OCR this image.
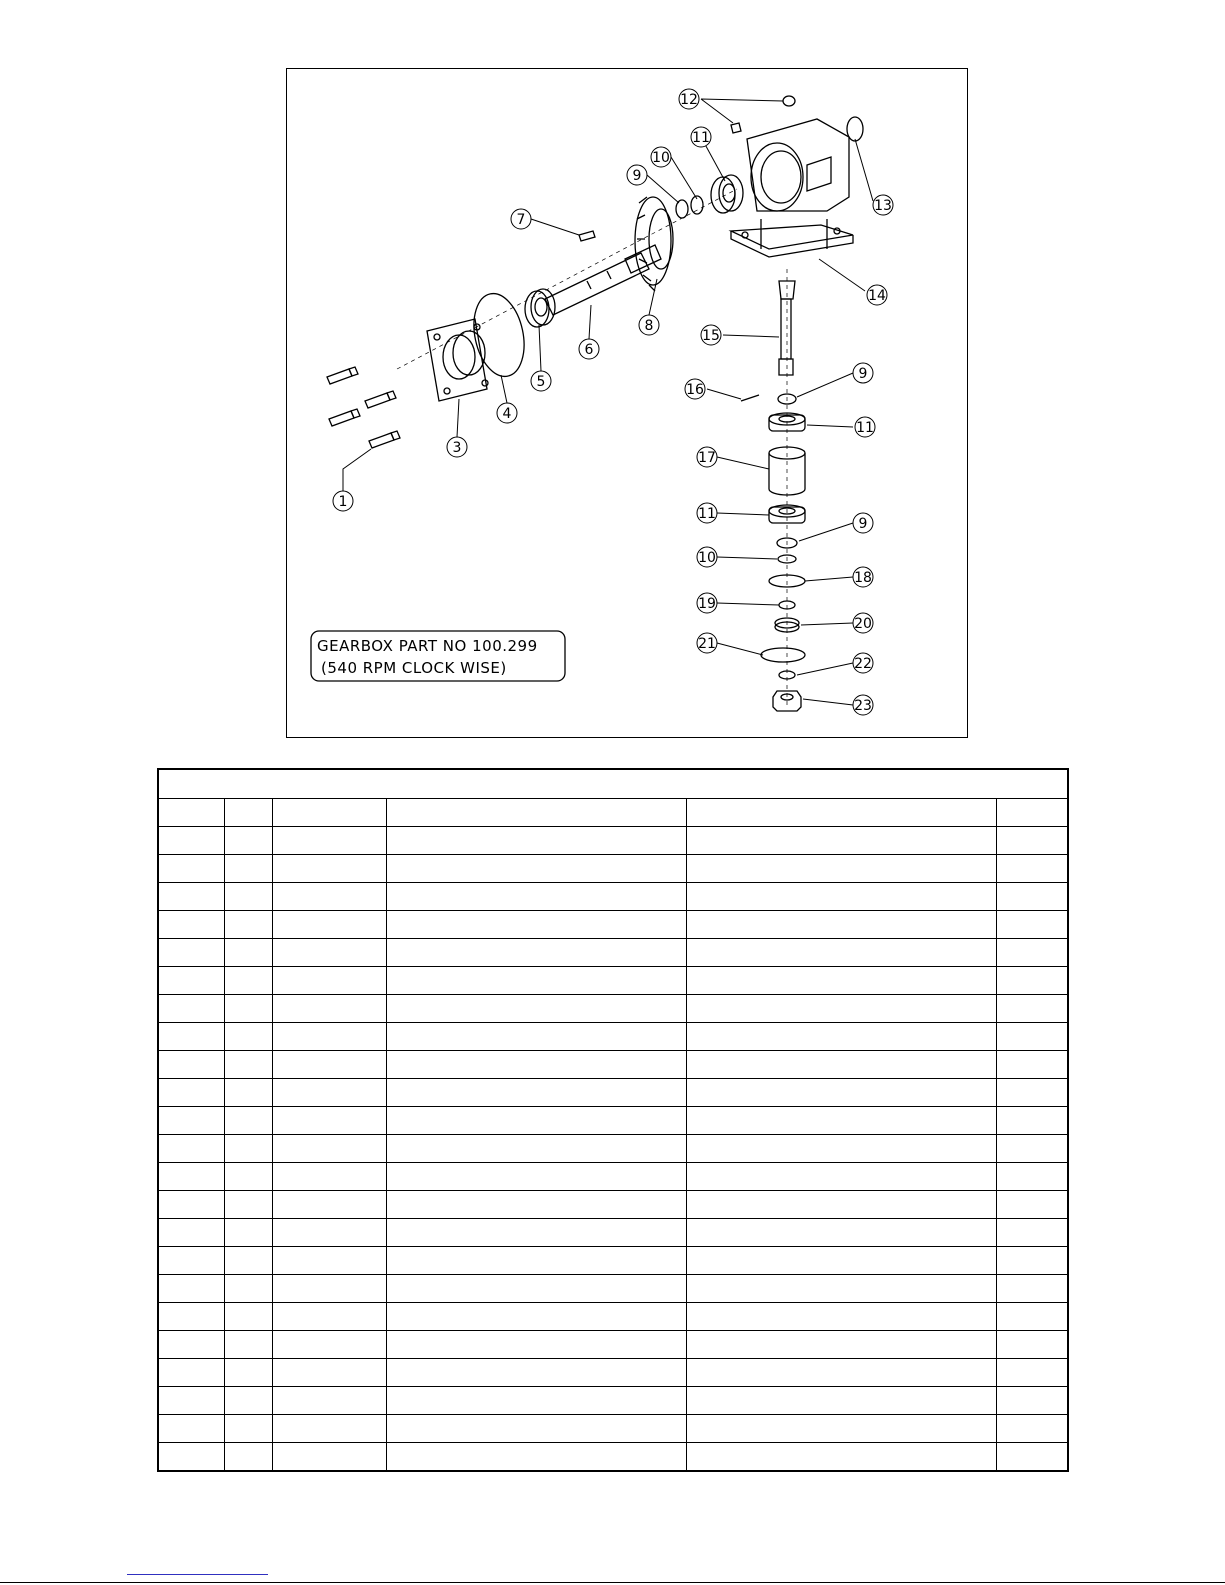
1
3
4
5
6
7
8
9
10
11
12
13
14
15
16
9
11
17
11
9
10
18
19
20
21
22
23
GEARBOX PART NO 100.299
(540 RPM CLOCK WISE)
